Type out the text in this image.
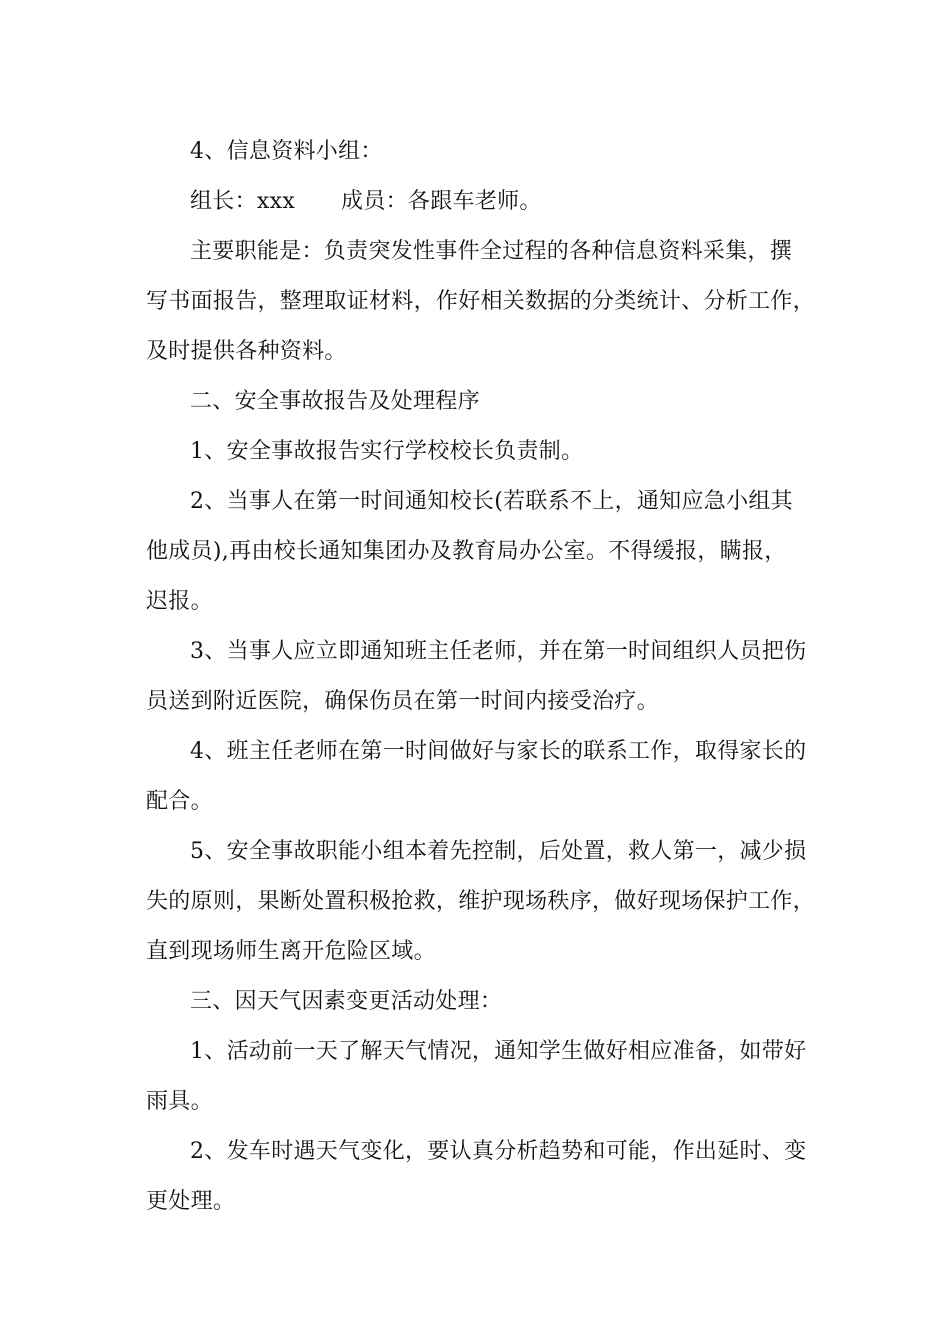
4、信息资料小组：
组长：xxx 成员：各跟车老师。
主要职能是：负责突发性事件全过程的各种信息资料采集，撰
写书面报告，整理取证材料，作好相关数据的分类统计、分析工作，
及时提供各种资料。
二、安全事故报告及处理程序
1、安全事故报告实行学校校长负责制。
2、当事人在第一时间通知校长(若联系不上，通知应急小组其
他成员),再由校长通知集团办及教育局办公室。不得缓报，瞒报，
迟报。
3、当事人应立即通知班主任老师，并在第一时间组织人员把伤
员送到附近医院，确保伤员在第一时间内接受治疗。
4、班主任老师在第一时间做好与家长的联系工作，取得家长的
配合。
5、安全事故职能小组本着先控制，后处置，救人第一，减少损
失的原则，果断处置积极抢救，维护现场秩序，做好现场保护工作，
直到现场师生离开危险区域。
三、因天气因素变更活动处理：
1、活动前一天了解天气情况，通知学生做好相应准备，如带好
雨具。
2、发车时遇天气变化，要认真分析趋势和可能，作出延时、变
更处理。
